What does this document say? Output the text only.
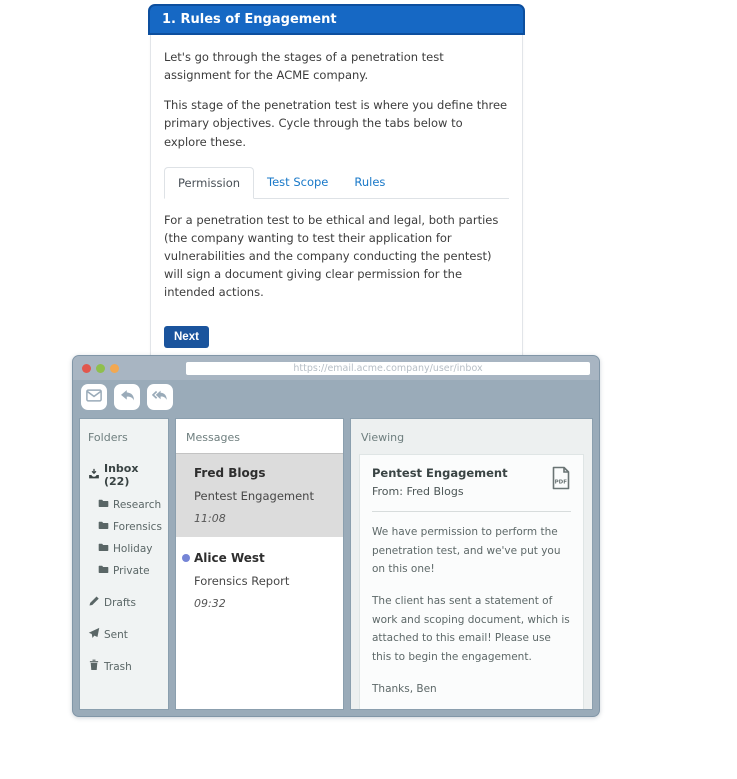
1. Rules of Engagement

Let's go through the stages of a penetration test assignment for the ACME company.

This stage of the penetration test is where you define three primary objectives. Cycle through the tabs below to explore these.

Permission	Test Scope	Rules

For a penetration test to be ethical and legal, both parties (the company wanting to test their application for vulnerabilities and the company conducting the pentest) will sign a document giving clear permission for the intended actions.

Next
https://email.acme.company/user/inbox
Folders
Inbox (22)
Research
Forensics
Holiday
Private
Drafts
Sent
Trash
Messages
Fred Blogs
Pentest Engagement
11:08
Alice West
Forensics Report
09:32
Viewing
Pentest Engagement
From: Fred Blogs
PDF

We have permission to perform the penetration test, and we've put you on this one!

The client has sent a statement of work and scoping document, which is attached to this email! Please use this to begin the engagement.

Thanks, Ben
